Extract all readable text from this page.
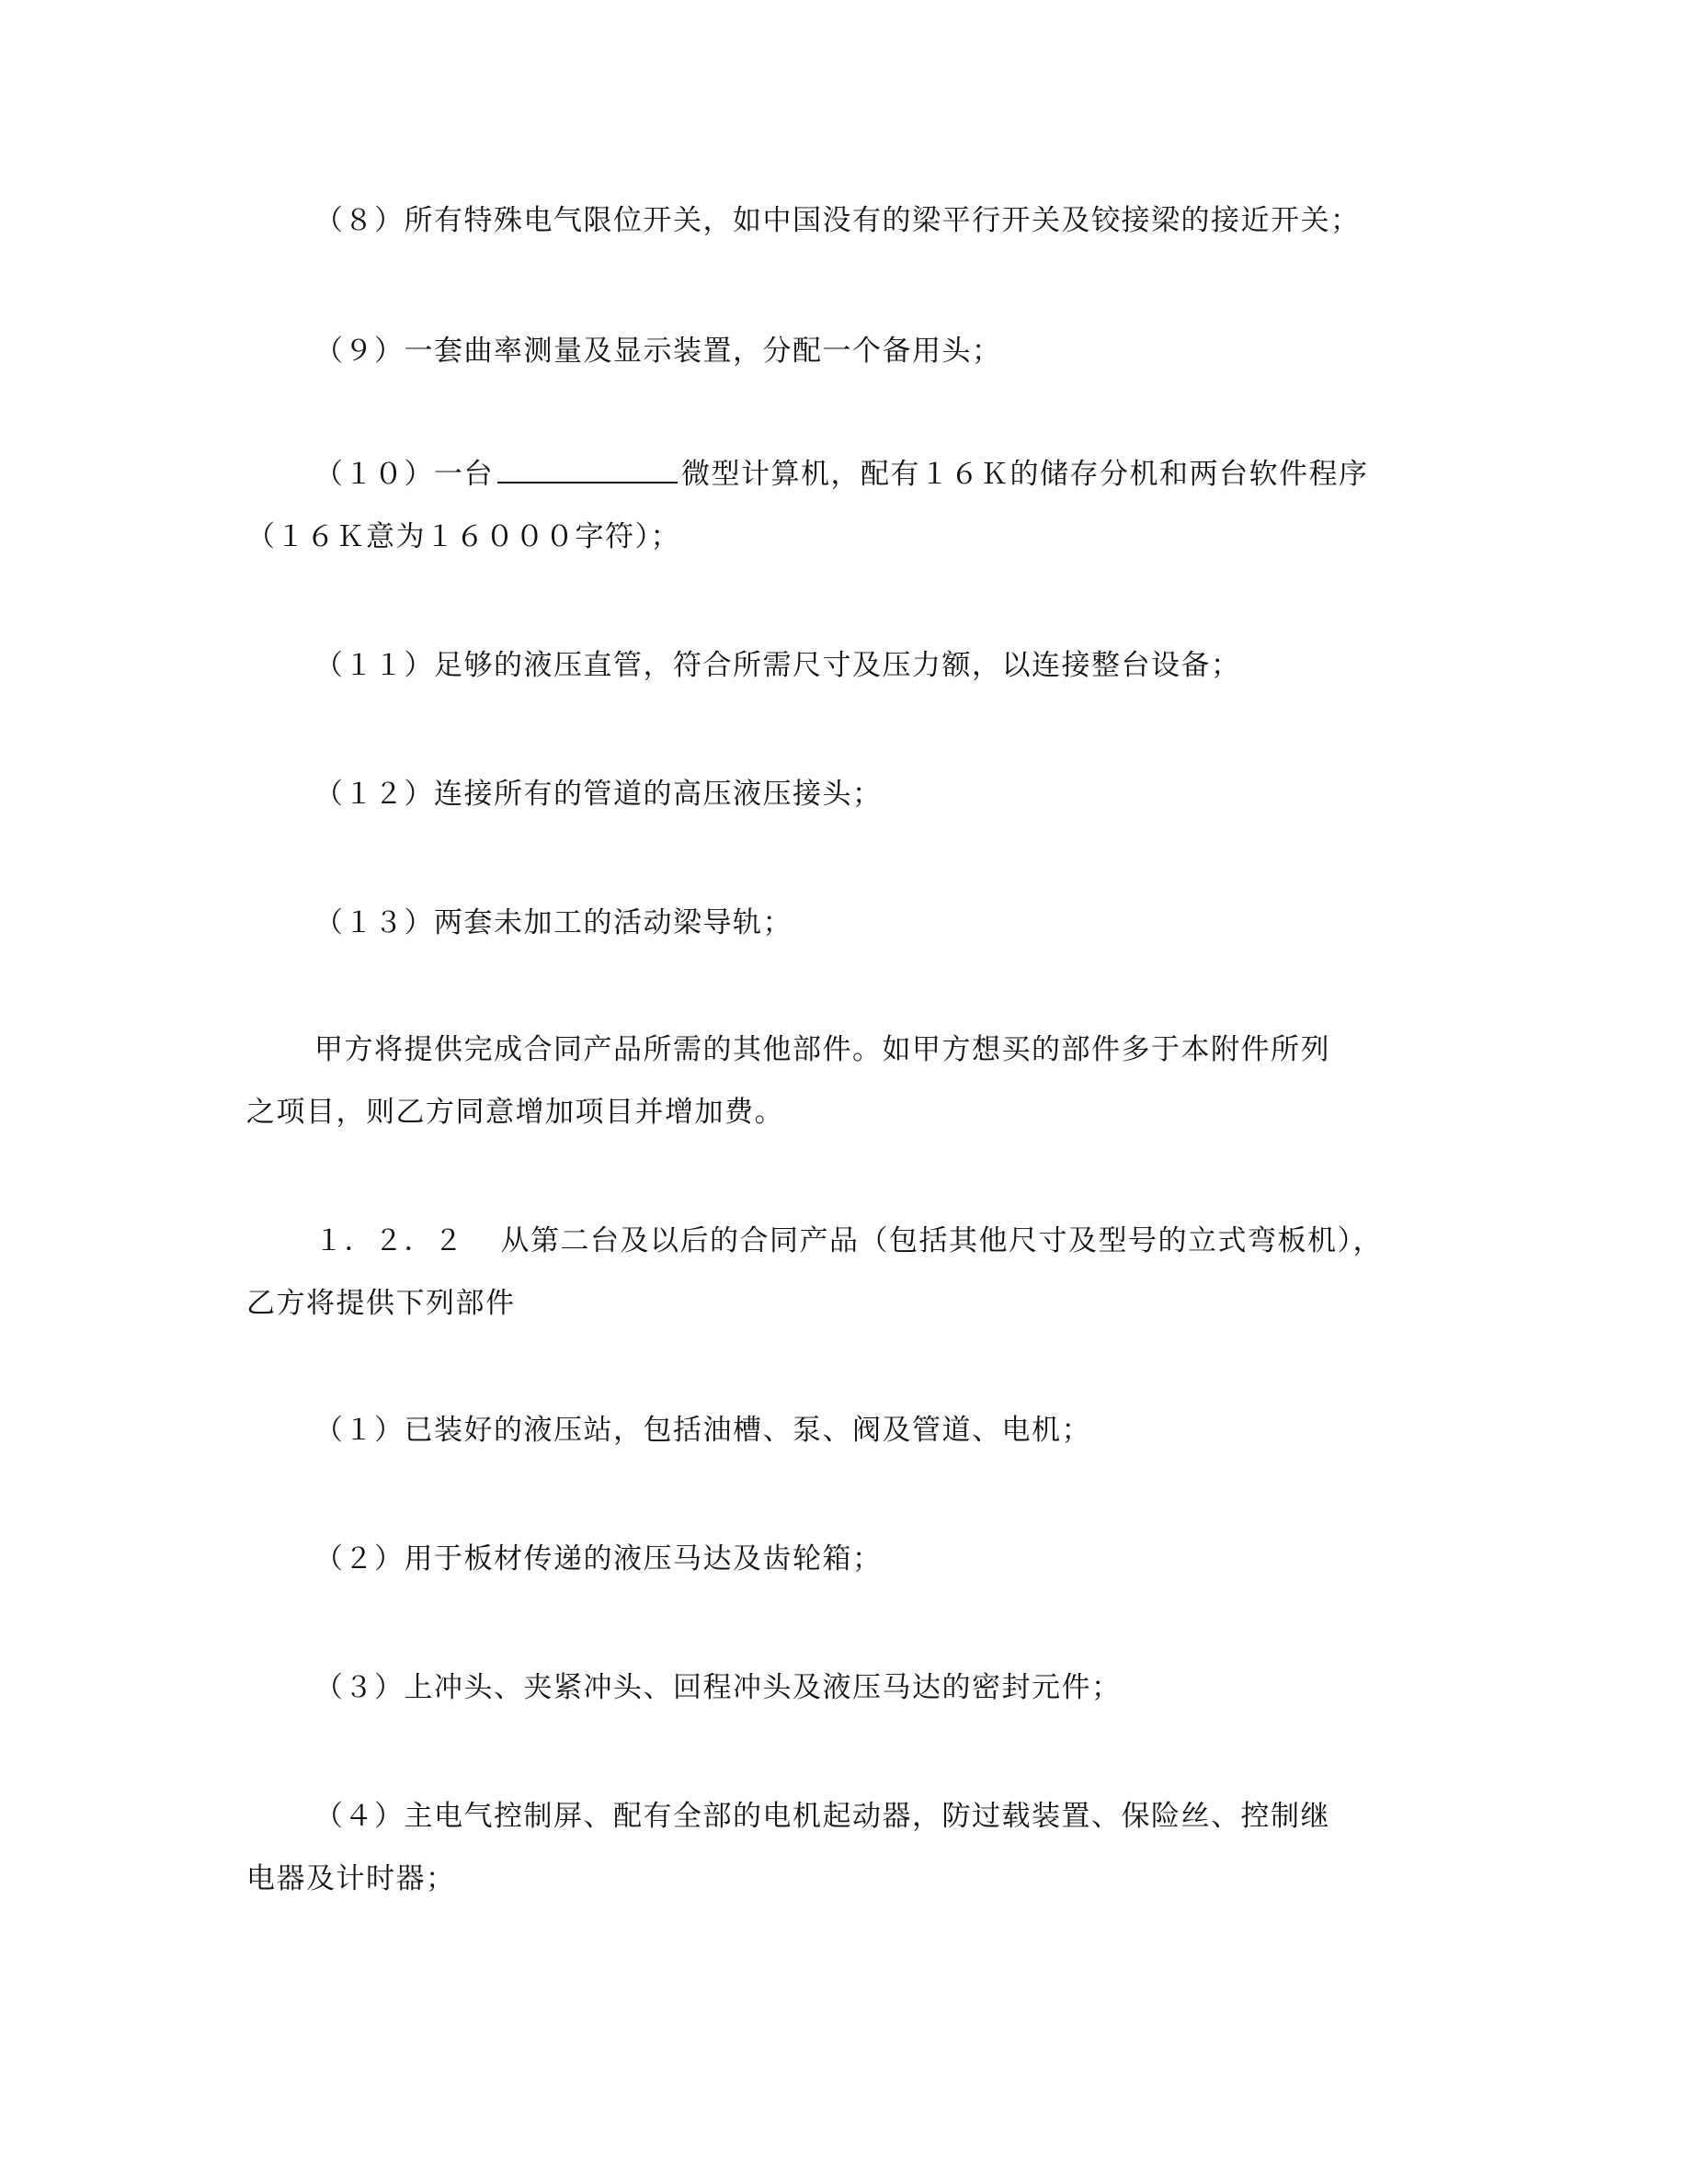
（８）所有特殊电气限位开关，如中国没有的梁平行开关及铰接梁的接近开关；
（９）一套曲率测量及显示装置，分配一个备用头；
（１０）一台	微型计算机，配有１６Ｋ的储存分机和两台软件程序
（１６Ｋ意为１６０００字符）；
（１１）足够的液压直管，符合所需尺寸及压力额，以连接整台设备；
（１２）连接所有的管道的高压液压接头；
（１３）两套未加工的活动梁导轨；
甲方将提供完成合同产品所需的其他部件。如甲方想买的部件多于本附件所列
之项目，则乙方同意增加项目并增加费。
１．２．２ 从第二台及以后的合同产品（包括其他尺寸及型号的立式弯板机），
乙方将提供下列部件
（１）已装好的液压站，包括油槽、泵、阀及管道、电机；
（２）用于板材传递的液压马达及齿轮箱；
（３）上冲头、夹紧冲头、回程冲头及液压马达的密封元件；
（４）主电气控制屏、配有全部的电机起动器，防过载装置、保险丝、控制继
电器及计时器；
